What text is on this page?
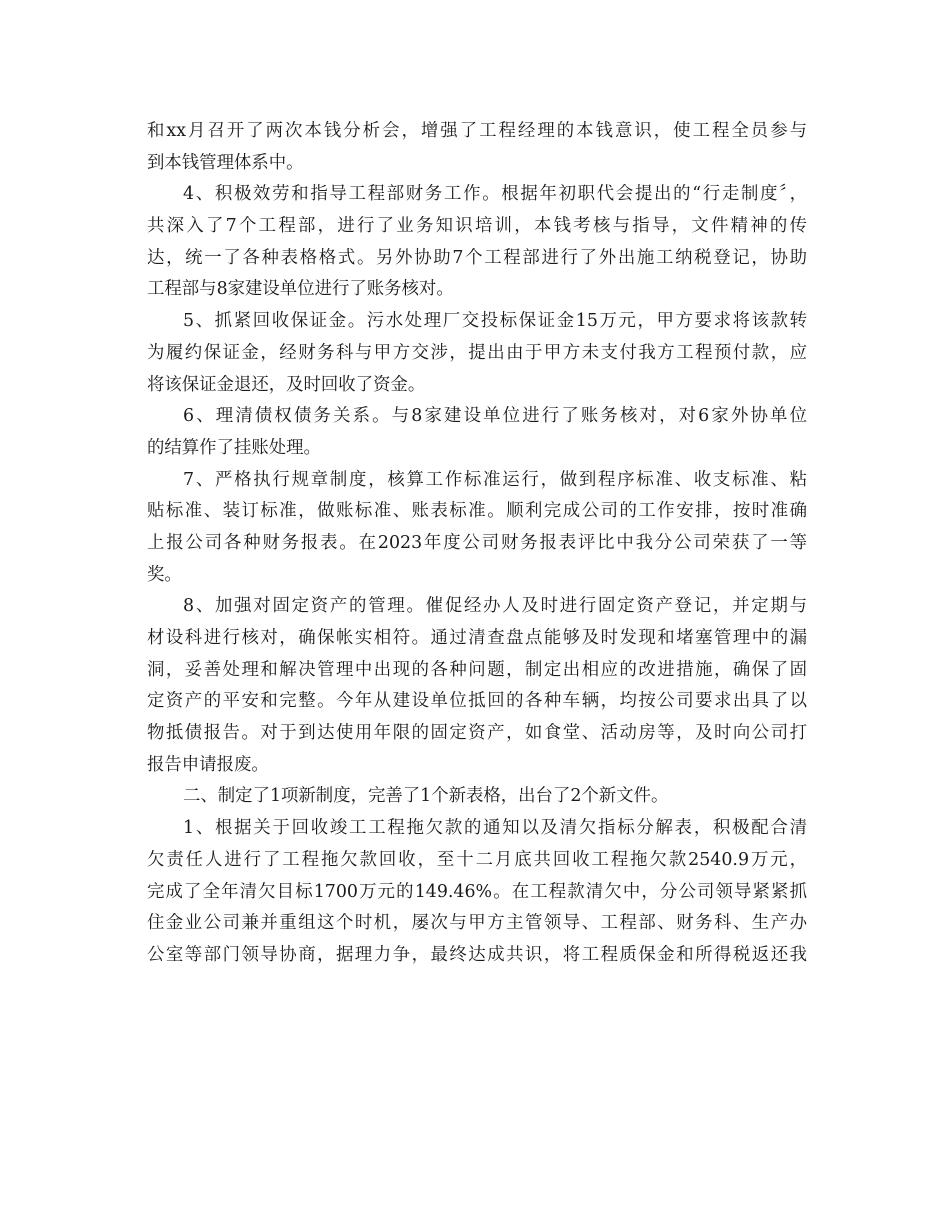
和xx月召开了两次本钱分析会，增强了工程经理的本钱意识，使工程全员参与
到本钱管理体系中。
4、积极效劳和指导工程部财务工作。根据年初职代会提出的“行走制度〞，
共深入了7个工程部，进行了业务知识培训，本钱考核与指导，文件精神的传
达，统一了各种表格格式。另外协助7个工程部进行了外出施工纳税登记，协助
工程部与8家建设单位进行了账务核对。
5、抓紧回收保证金。污水处理厂交投标保证金15万元，甲方要求将该款转
为履约保证金，经财务科与甲方交涉，提出由于甲方未支付我方工程预付款，应
将该保证金退还，及时回收了资金。
6、理清债权债务关系。与8家建设单位进行了账务核对，对6家外协单位
的结算作了挂账处理。
7、严格执行规章制度，核算工作标准运行，做到程序标准、收支标准、粘
贴标准、装订标准，做账标准、账表标准。顺利完成公司的工作安排，按时准确
上报公司各种财务报表。在2023年度公司财务报表评比中我分公司荣获了一等
奖。
8、加强对固定资产的管理。催促经办人及时进行固定资产登记，并定期与
材设科进行核对，确保帐实相符。通过清查盘点能够及时发现和堵塞管理中的漏
洞，妥善处理和解决管理中出现的各种问题，制定出相应的改进措施，确保了固
定资产的平安和完整。今年从建设单位抵回的各种车辆，均按公司要求出具了以
物抵债报告。对于到达使用年限的固定资产，如食堂、活动房等，及时向公司打
报告申请报废。
二、制定了1项新制度，完善了1个新表格，出台了2个新文件。
1、根据关于回收竣工工程拖欠款的通知以及清欠指标分解表，积极配合清
欠责任人进行了工程拖欠款回收，至十二月底共回收工程拖欠款2540.9万元，
完成了全年清欠目标1700万元的149.46%。在工程款清欠中，分公司领导紧紧抓
住金业公司兼并重组这个时机，屡次与甲方主管领导、工程部、财务科、生产办
公室等部门领导协商，据理力争，最终达成共识，将工程质保金和所得税返还我
